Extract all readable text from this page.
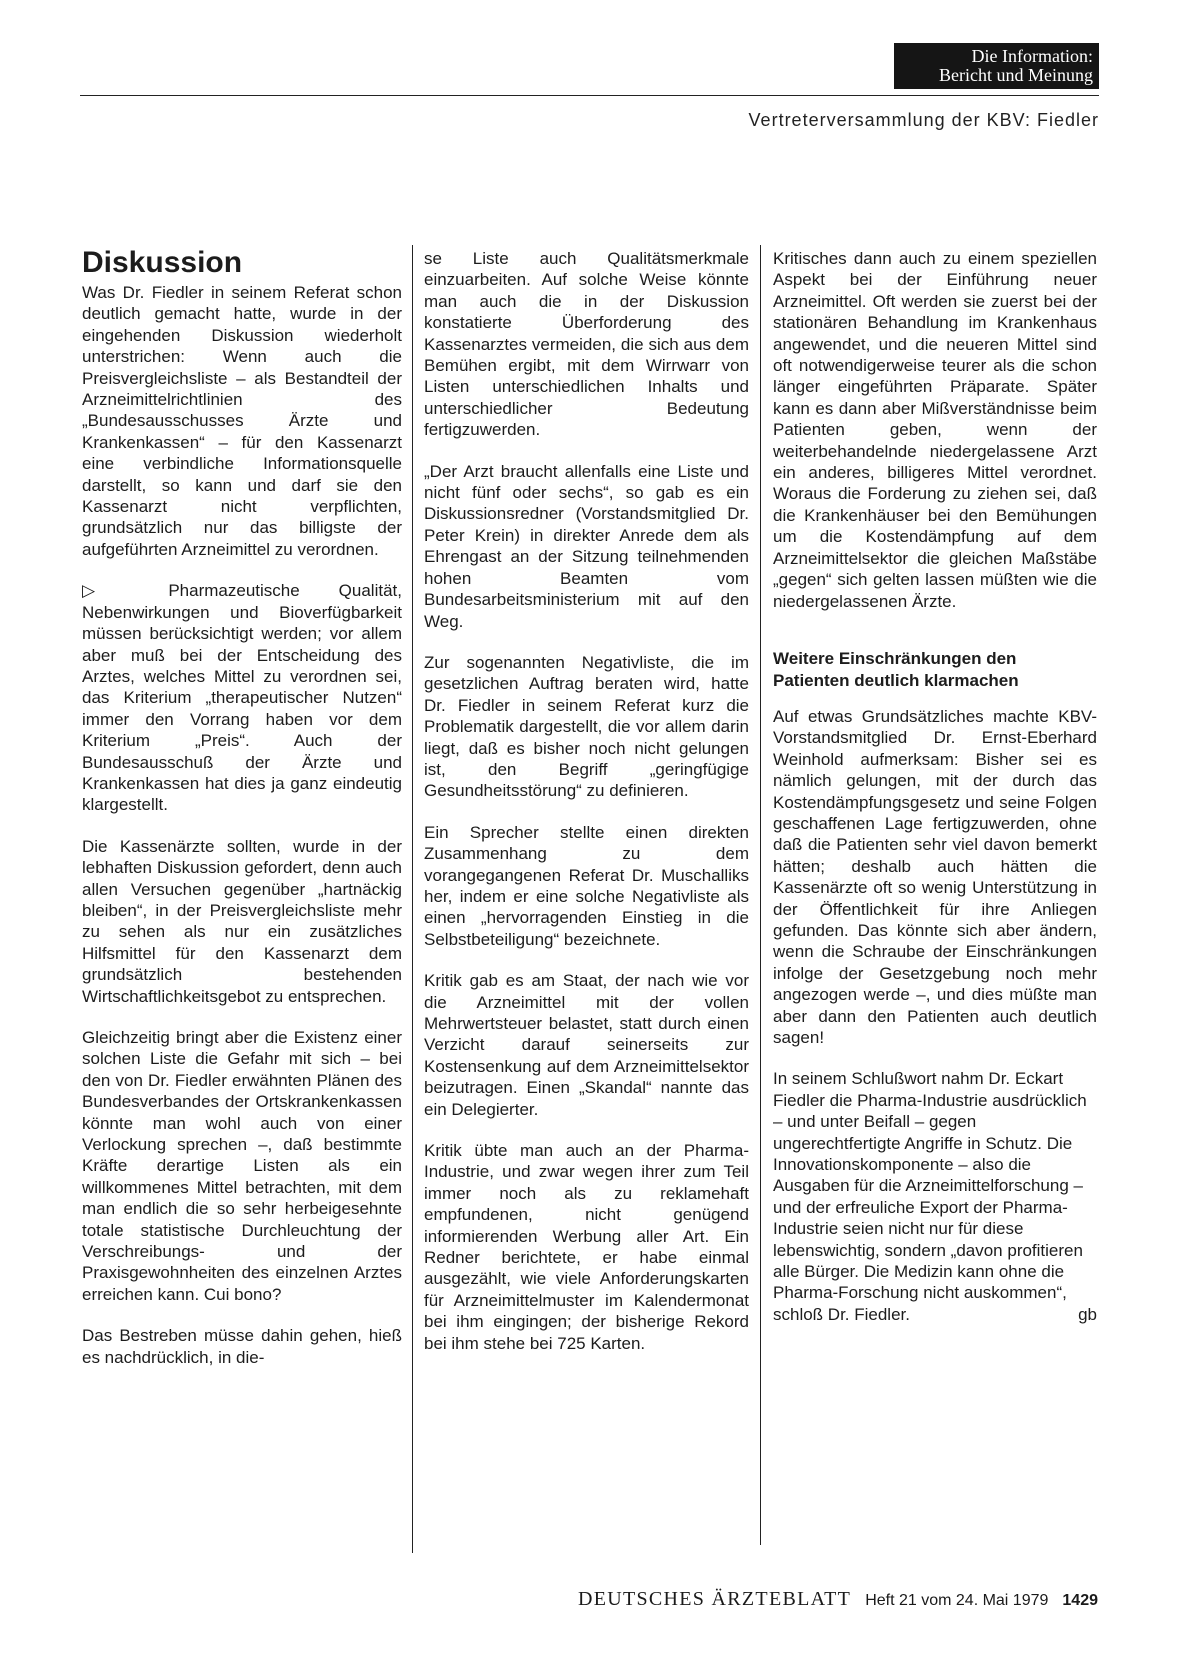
Die Information:
Bericht und Meinung
Vertreterversammlung der KBV: Fiedler
Diskussion

Was Dr. Fiedler in seinem Referat schon deutlich gemacht hatte, wurde in der eingehenden Diskussion wiederholt unterstrichen: Wenn auch die Preisvergleichsliste – als Bestandteil der Arzneimittelrichtlinien des „Bundesausschusses Ärzte und Krankenkassen“ – für den Kassenarzt eine verbindliche Informationsquelle darstellt, so kann und darf sie den Kassenarzt nicht verpflichten, grundsätzlich nur das billigste der aufgeführten Arzneimittel zu verordnen.

▷ Pharmazeutische Qualität, Nebenwirkungen und Bioverfügbarkeit müssen berücksichtigt werden; vor allem aber muß bei der Entscheidung des Arztes, welches Mittel zu verordnen sei, das Kriterium „therapeutischer Nutzen“ immer den Vorrang haben vor dem Kriterium „Preis“. Auch der Bundesausschuß der Ärzte und Krankenkassen hat dies ja ganz eindeutig klargestellt.

Die Kassenärzte sollten, wurde in der lebhaften Diskussion gefordert, denn auch allen Versuchen gegenüber „hartnäckig bleiben“, in der Preisvergleichsliste mehr zu sehen als nur ein zusätzliches Hilfsmittel für den Kassenarzt dem grundsätzlich bestehenden Wirtschaftlichkeitsgebot zu entsprechen.

Gleichzeitig bringt aber die Existenz einer solchen Liste die Gefahr mit sich – bei den von Dr. Fiedler erwähnten Plänen des Bundesverbandes der Ortskrankenkassen könnte man wohl auch von einer Verlockung sprechen –, daß bestimmte Kräfte derartige Listen als ein willkommenes Mittel betrachten, mit dem man endlich die so sehr herbeigesehnte totale statistische Durchleuchtung der Verschreibungs- und der Praxisgewohnheiten des einzelnen Arztes erreichen kann. Cui bono?

Das Bestreben müsse dahin gehen, hieß es nachdrücklich, in die-

se Liste auch Qualitätsmerkmale einzuarbeiten. Auf solche Weise könnte man auch die in der Diskussion konstatierte Überforderung des Kassenarztes vermeiden, die sich aus dem Bemühen ergibt, mit dem Wirrwarr von Listen unterschiedlichen Inhalts und unterschiedlicher Bedeutung fertigzuwerden.

„Der Arzt braucht allenfalls eine Liste und nicht fünf oder sechs“, so gab es ein Diskussionsredner (Vorstandsmitglied Dr. Peter Krein) in direkter Anrede dem als Ehrengast an der Sitzung teilnehmenden hohen Beamten vom Bundesarbeitsministerium mit auf den Weg.

Zur sogenannten Negativliste, die im gesetzlichen Auftrag beraten wird, hatte Dr. Fiedler in seinem Referat kurz die Problematik dargestellt, die vor allem darin liegt, daß es bisher noch nicht gelungen ist, den Begriff „geringfügige Gesundheitsstörung“ zu definieren.

Ein Sprecher stellte einen direkten Zusammenhang zu dem vorangegangenen Referat Dr. Muschalliks her, indem er eine solche Negativliste als einen „hervorragenden Einstieg in die Selbstbeteiligung“ bezeichnete.

Kritik gab es am Staat, der nach wie vor die Arzneimittel mit der vollen Mehrwertsteuer belastet, statt durch einen Verzicht darauf seinerseits zur Kostensenkung auf dem Arzneimittelsektor beizutragen. Einen „Skandal“ nannte das ein Delegierter.

Kritik übte man auch an der Pharma-Industrie, und zwar wegen ihrer zum Teil immer noch als zu reklamehaft empfundenen, nicht genügend informierenden Werbung aller Art. Ein Redner berichtete, er habe einmal ausgezählt, wie viele Anforderungskarten für Arzneimittelmuster im Kalendermonat bei ihm eingingen; der bisherige Rekord bei ihm stehe bei 725 Karten.

Kritisches dann auch zu einem speziellen Aspekt bei der Einführung neuer Arzneimittel. Oft werden sie zuerst bei der stationären Behandlung im Krankenhaus angewendet, und die neueren Mittel sind oft notwendigerweise teurer als die schon länger eingeführten Präparate. Später kann es dann aber Mißverständnisse beim Patienten geben, wenn der weiterbehandelnde niedergelassene Arzt ein anderes, billigeres Mittel verordnet. Woraus die Forderung zu ziehen sei, daß die Krankenhäuser bei den Bemühungen um die Kostendämpfung auf dem Arzneimittelsektor die gleichen Maßstäbe „gegen“ sich gelten lassen müßten wie die niedergelassenen Ärzte.

Weitere Einschränkungen den Patienten deutlich klarmachen

Auf etwas Grundsätzliches machte KBV-Vorstandsmitglied Dr. Ernst-Eberhard Weinhold aufmerksam: Bisher sei es nämlich gelungen, mit der durch das Kostendämpfungsgesetz und seine Folgen geschaffenen Lage fertigzuwerden, ohne daß die Patienten sehr viel davon bemerkt hätten; deshalb auch hätten die Kassenärzte oft so wenig Unterstützung in der Öffentlichkeit für ihre Anliegen gefunden. Das könnte sich aber ändern, wenn die Schraube der Einschränkungen infolge der Gesetzgebung noch mehr angezogen werde –, und dies müßte man aber dann den Patienten auch deutlich sagen!

In seinem Schlußwort nahm Dr. Eckart Fiedler die Pharma-Industrie ausdrücklich – und unter Beifall – gegen ungerechtfertigte Angriffe in Schutz. Die Innovationskomponente – also die Ausgaben für die Arzneimittelforschung – und der erfreuliche Export der Pharma-Industrie seien nicht nur für diese lebenswichtig, sondern „davon profitieren alle Bürger. Die Medizin kann ohne die Pharma-Forschung nicht auskommen“, schloß Dr. Fiedler.	gb

DEUTSCHES ÄRZTEBLATT Heft 21 vom 24. Mai 1979 1429
